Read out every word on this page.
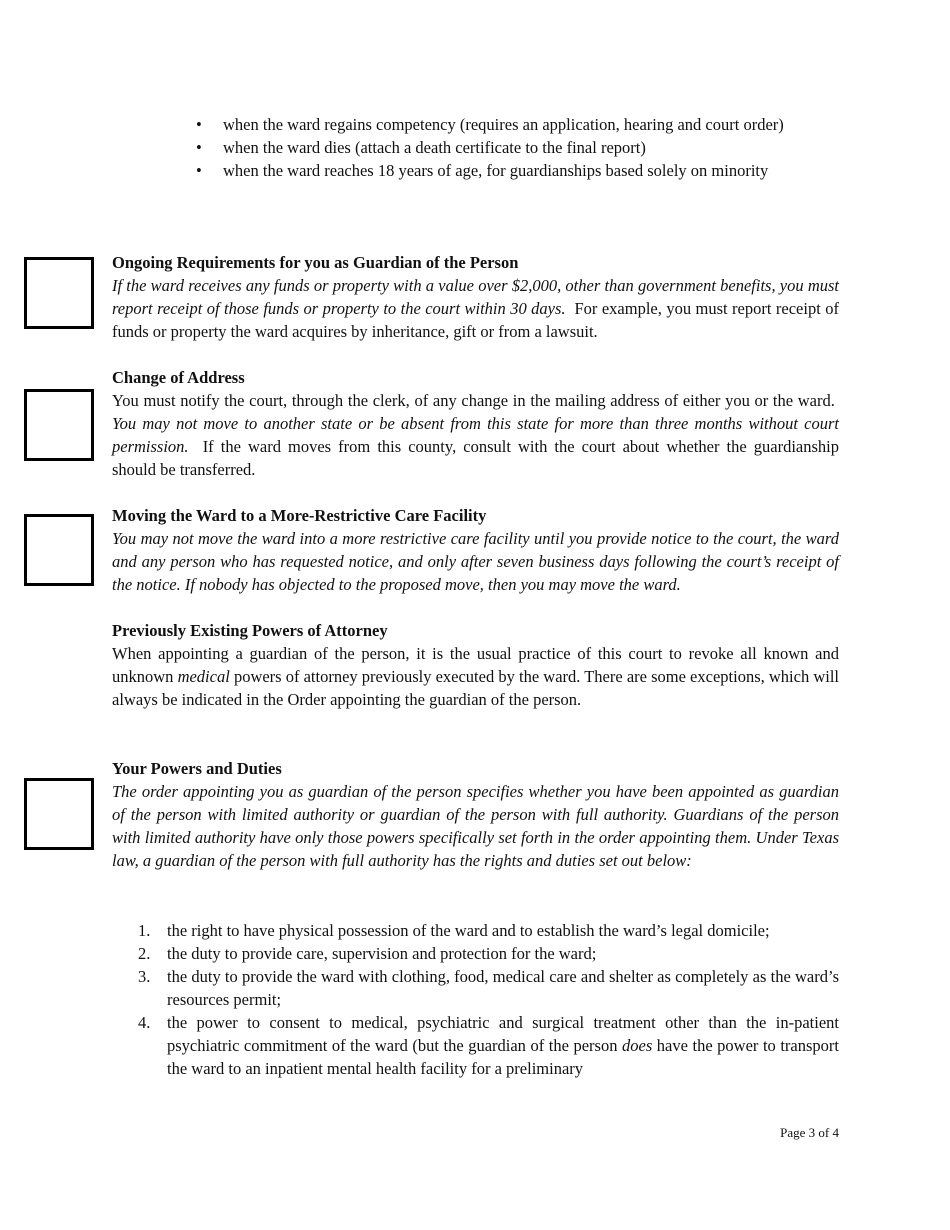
• when the ward regains competency (requires an application, hearing and court order)
• when the ward dies (attach a death certificate to the final report)
• when the ward reaches 18 years of age, for guardianships based solely on minority

Ongoing Requirements for you as Guardian of the Person

If the ward receives any funds or property with a value over $2,000, other than government benefits, you must report receipt of those funds or property to the court within 30 days. For example, you must report receipt of funds or property the ward acquires by inheritance, gift or from a lawsuit.

Change of Address

You must notify the court, through the clerk, of any change in the mailing address of either you or the ward.  You may not move to another state or be absent from this state for more than three months without court permission. If the ward moves from this county, consult with the court about whether the guardianship should be transferred.

Moving the Ward to a More-Restrictive Care Facility

You may not move the ward into a more restrictive care facility until you provide notice to the court, the ward and any person who has requested notice, and only after seven business days following the court’s receipt of the notice. If nobody has objected to the proposed move, then you may move the ward.

Previously Existing Powers of Attorney

When appointing a guardian of the person, it is the usual practice of this court to revoke all known and unknown medical powers of attorney previously executed by the ward. There are some exceptions, which will always be indicated in the Order appointing the guardian of the person.

Your Powers and Duties

The order appointing you as guardian of the person specifies whether you have been appointed as guardian of the person with limited authority or guardian of the person with full authority. Guardians of the person with limited authority have only those powers specifically set forth in the order appointing them. Under Texas law, a guardian of the person with full authority has the rights and duties set out below:

1. the right to have physical possession of the ward and to establish the ward’s legal domicile;
2. the duty to provide care, supervision and protection for the ward;
3. the duty to provide the ward with clothing, food, medical care and shelter as completely as the ward’s resources permit;
4. the power to consent to medical, psychiatric and surgical treatment other than the in-patient psychiatric commitment of the ward (but the guardian of the person does have the power to transport the ward to an inpatient mental health facility for a preliminary
Page 3 of 4
